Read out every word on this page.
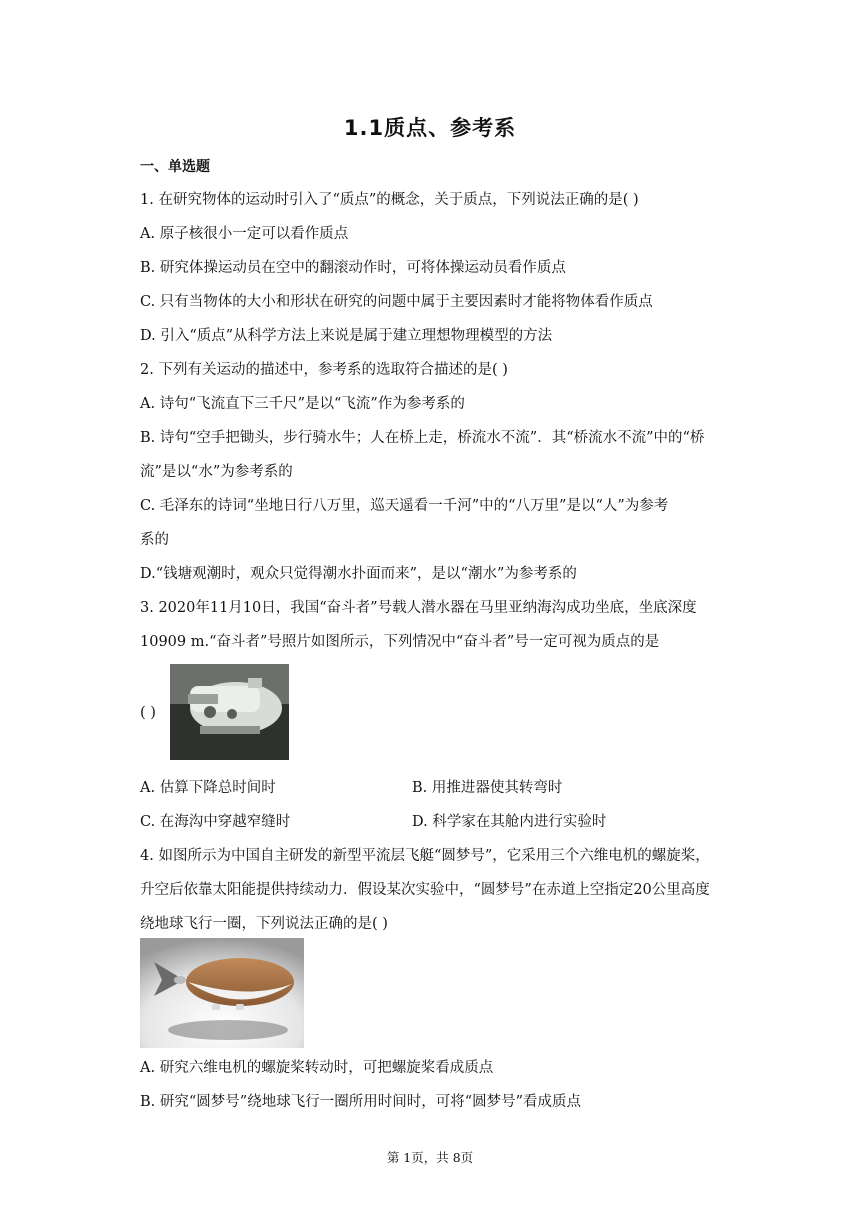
1.1质点、参考系
一、单选题
1. 在研究物体的运动时引入了“质点”的概念，关于质点，下列说法正确的是( )
A. 原子核很小一定可以看作质点
B. 研究体操运动员在空中的翻滚动作时，可将体操运动员看作质点
C. 只有当物体的大小和形状在研究的问题中属于主要因素时才能将物体看作质点
D. 引入“质点”从科学方法上来说是属于建立理想物理模型的方法
2. 下列有关运动的描述中，参考系的选取符合描述的是( )
A. 诗句“飞流直下三千尺”是以“飞流”作为参考系的
B. 诗句“空手把锄头，步行骑水牛；人在桥上走，桥流水不流”．其“桥流水不流”中的“桥
流”是以“水”为参考系的
C. 毛泽东的诗词“坐地日行八万里，巡天遥看一千河”中的“八万里”是以“人”为参考
系的
D.“钱塘观潮时，观众只觉得潮水扑面而来”，是以“潮水”为参考系的
3. 2020年11月10日，我国“奋斗者”号载人潜水器在马里亚纳海沟成功坐底，坐底深度
10909 m.“奋斗者”号照片如图所示，下列情况中“奋斗者”号一定可视为质点的是
( )
A. 估算下降总时间时	B. 用推进器使其转弯时
C. 在海沟中穿越窄缝时	D. 科学家在其舱内进行实验时
4. 如图所示为中国自主研发的新型平流层飞艇“圆梦号”，它采用三个六维电机的螺旋桨，
升空后依靠太阳能提供持续动力．假设某次实验中，“圆梦号”在赤道上空指定20公里高度
绕地球飞行一圈，下列说法正确的是( )
A. 研究六维电机的螺旋桨转动时，可把螺旋桨看成质点
B. 研究“圆梦号”绕地球飞行一圈所用时间时，可将“圆梦号”看成质点
第 1页，共 8页
